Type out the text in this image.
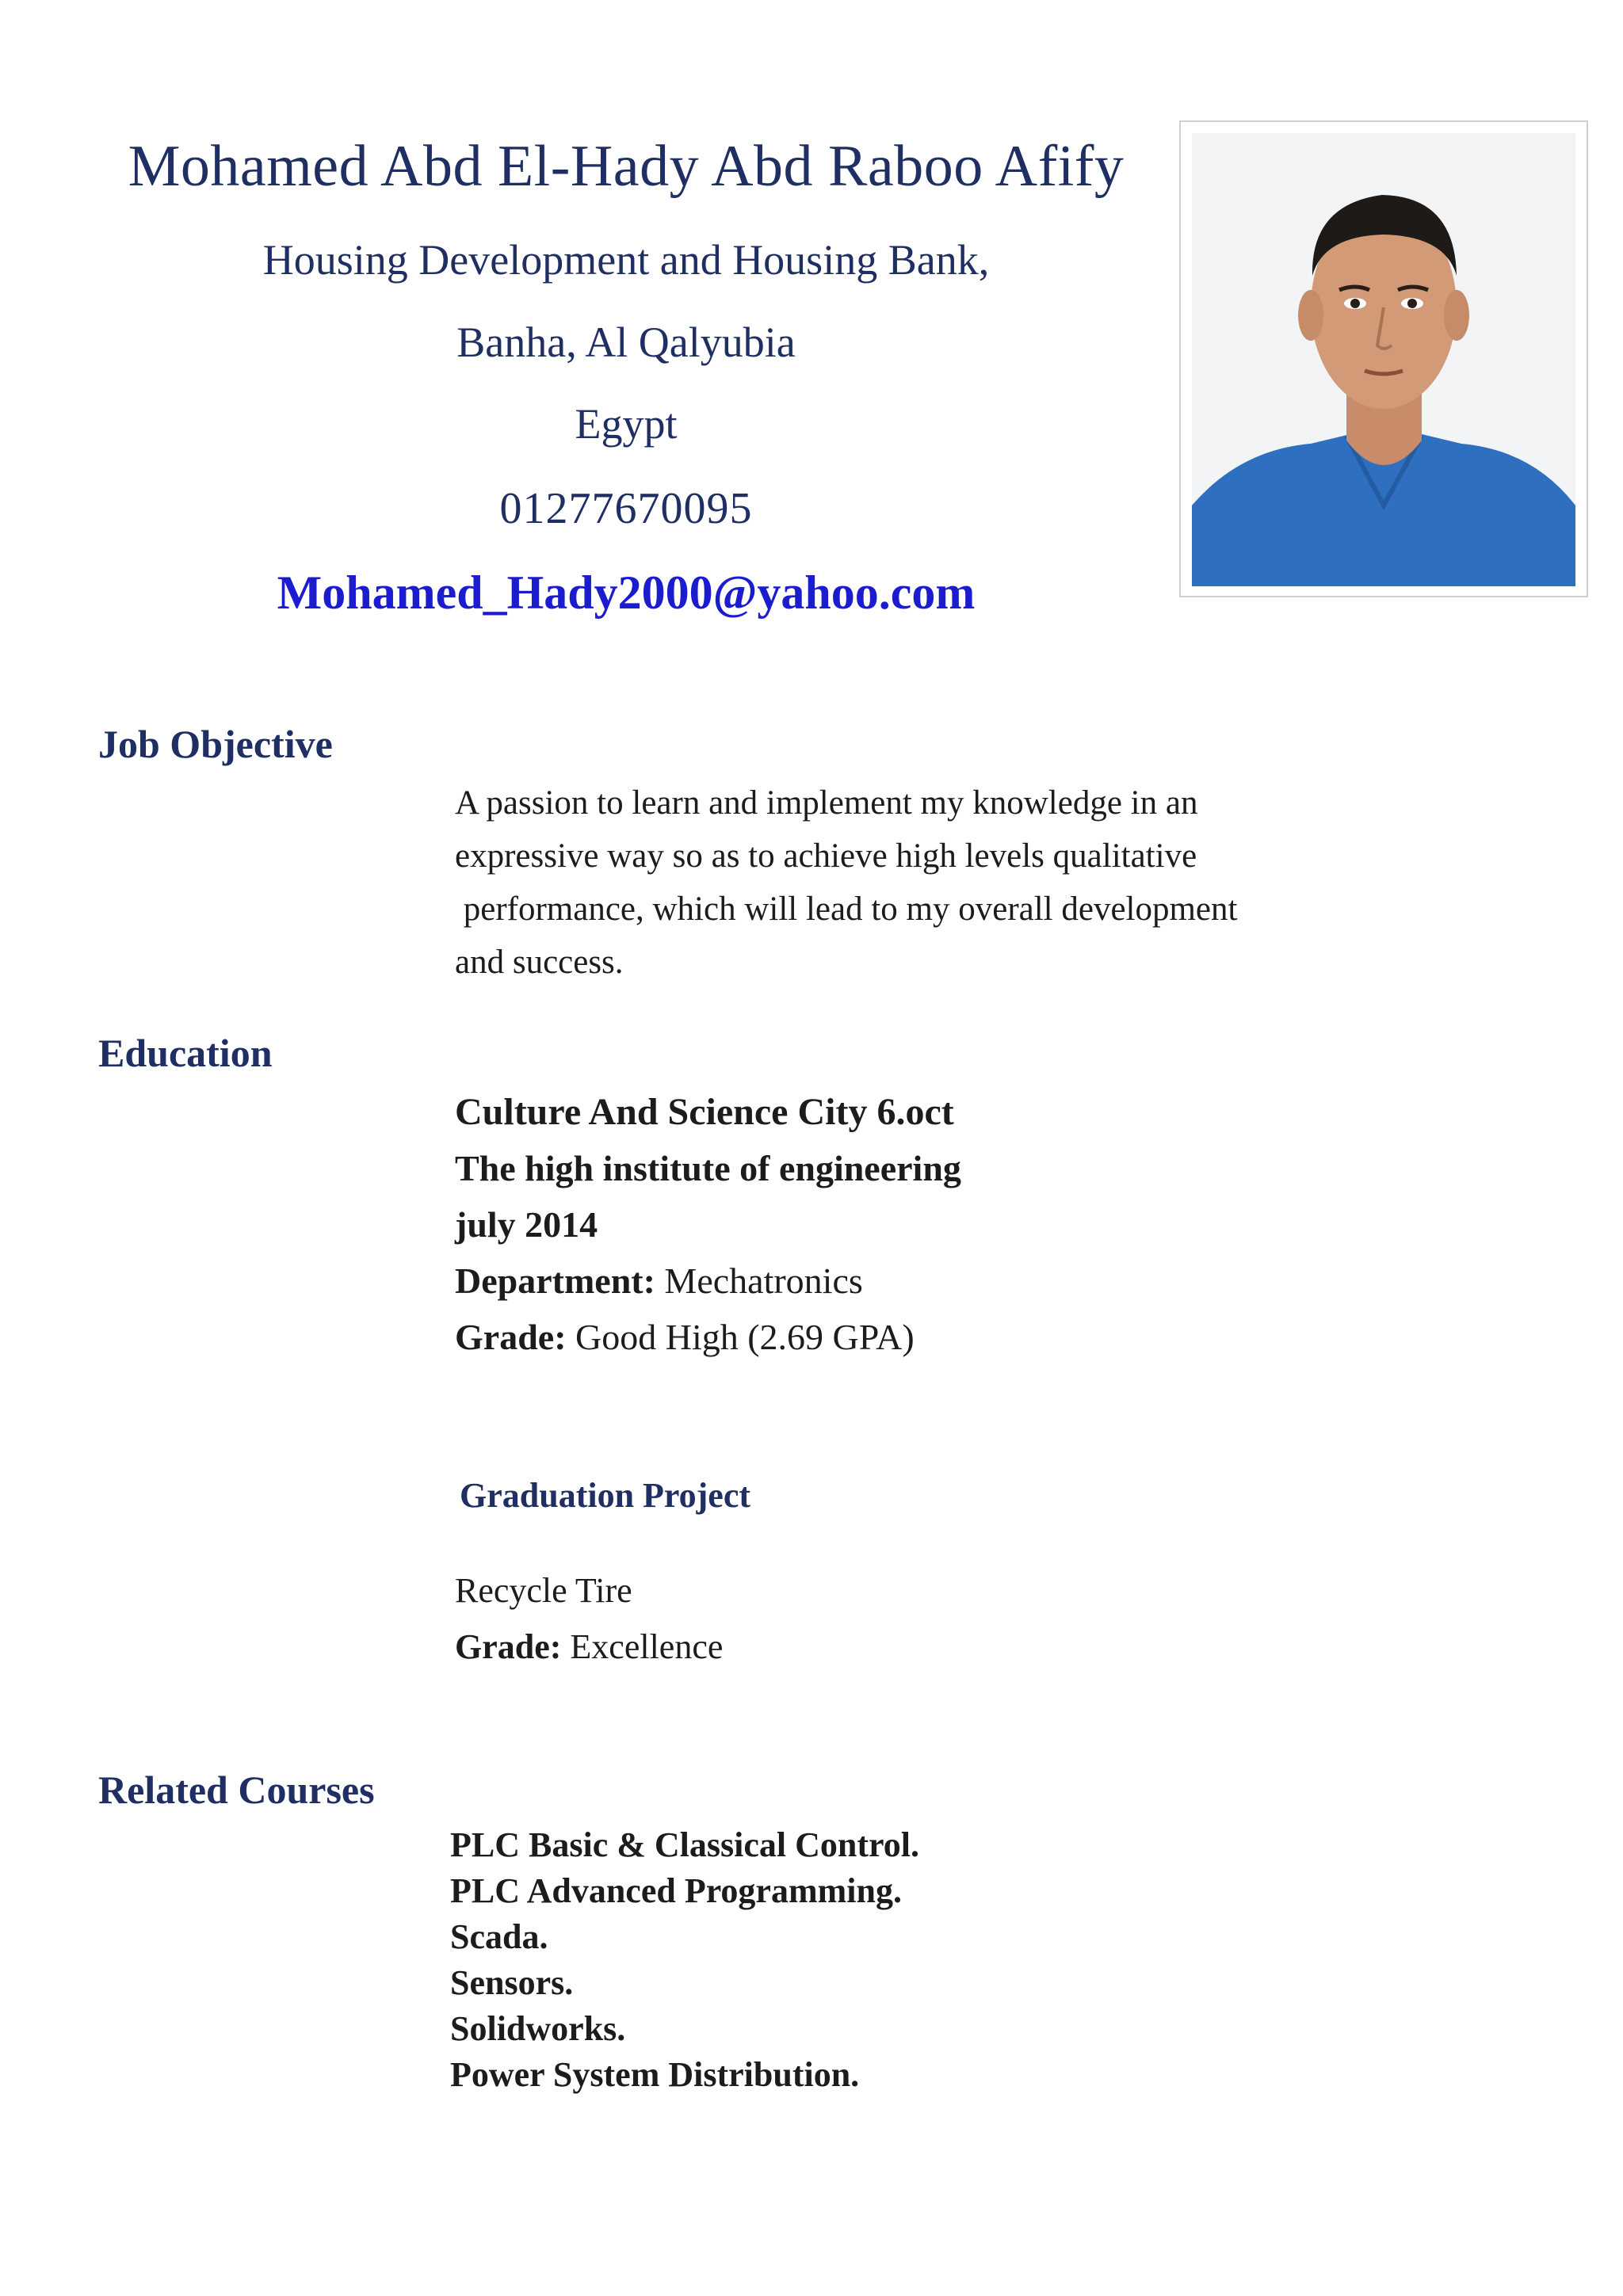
Mohamed Abd El-Hady Abd Raboo Afify
Housing Development and Housing Bank,
Banha, Al Qalyubia
Egypt
01277670095
Mohamed_Hady2000@yahoo.com
Job Objective
A passion to learn and implement my knowledge in an
expressive way so as to achieve high levels qualitative
performance, which will lead to my overall development
and success.
Education
Culture And Science City 6.oct
The high institute of engineering
july 2014
Department: Mechatronics
Grade: Good High (2.69 GPA)
Graduation Project
Recycle Tire
Grade: Excellence
Related Courses
PLC Basic & Classical Control.
PLC Advanced Programming.
Scada.
Sensors.
Solidworks.
Power System Distribution.
